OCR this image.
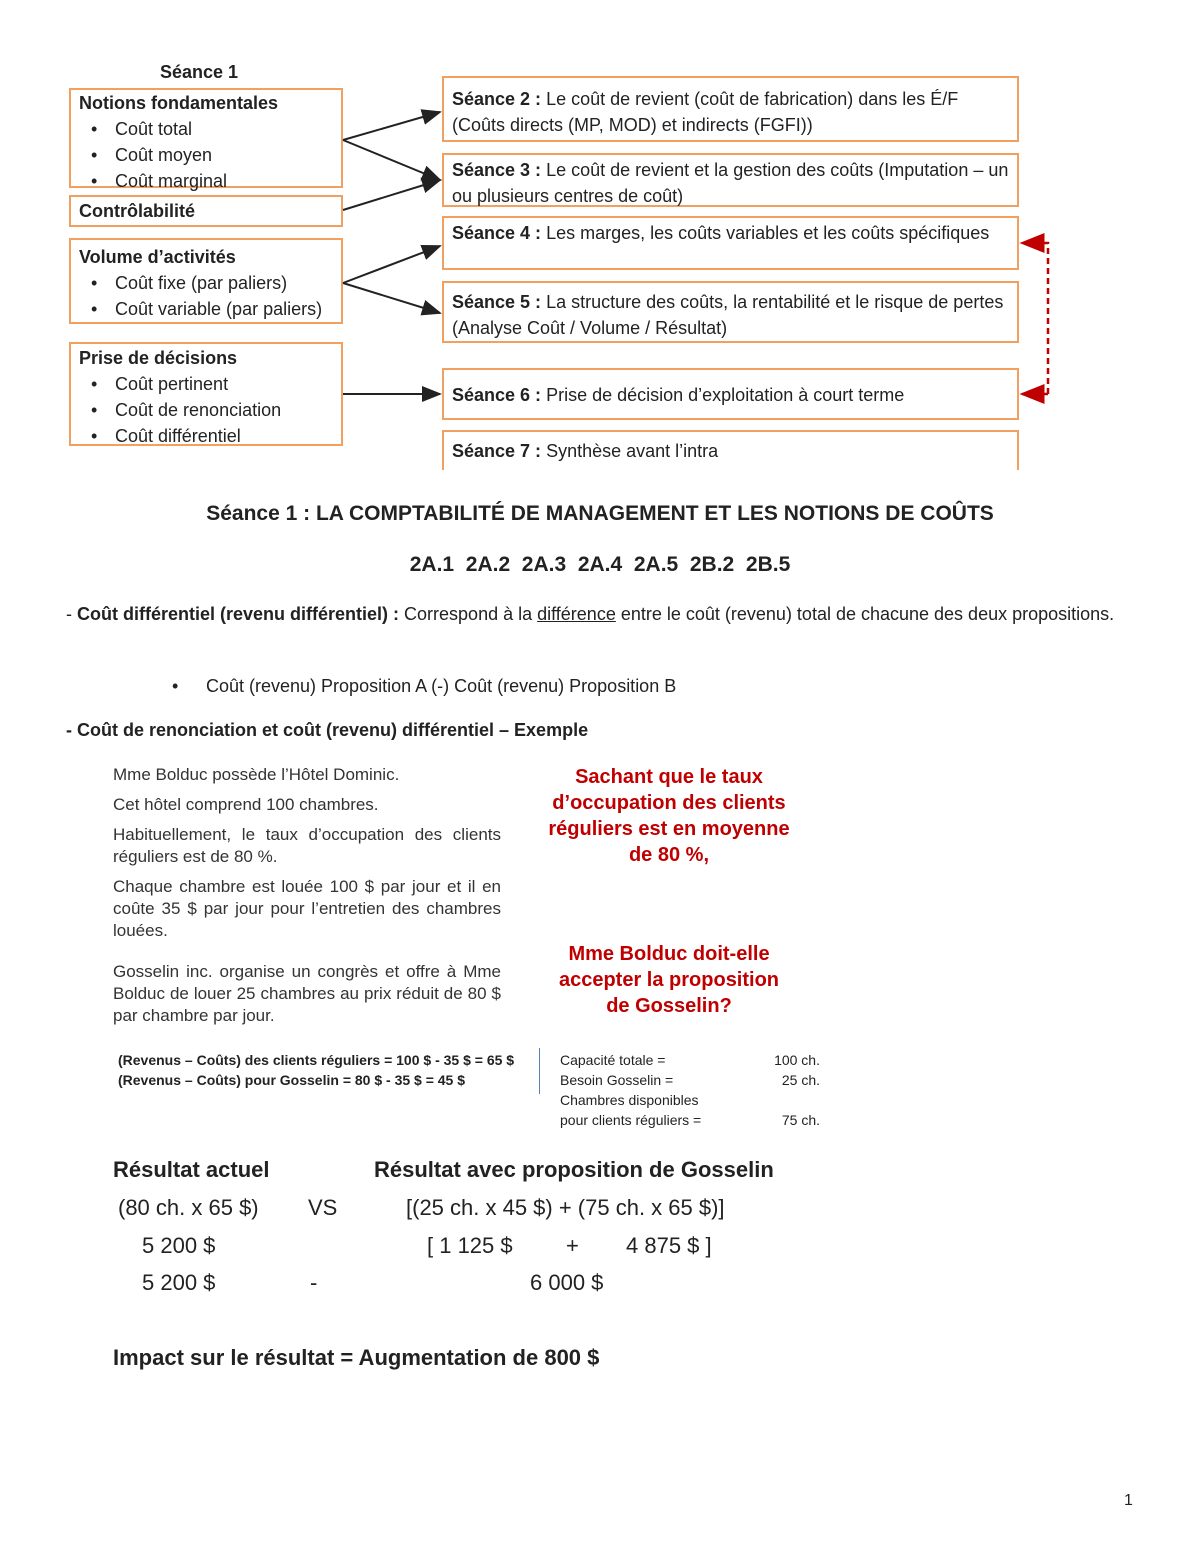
Séance 1
Notions fondamentales
• Coût total
• Coût moyen
• Coût marginal
Contrôlabilité
Volume d’activités
• Coût fixe (par paliers)
• Coût variable (par paliers)
Prise de décisions
• Coût pertinent
• Coût de renonciation
• Coût différentiel
Séance 2 : Le coût de revient (coût de fabrication) dans les É/F (Coûts directs (MP, MOD) et indirects (FGFI))
Séance 3 : Le coût de revient et la gestion des coûts (Imputation – un ou plusieurs centres de coût)
Séance 4 : Les marges, les coûts variables et les coûts spécifiques
Séance 5 : La structure des coûts, la rentabilité et le risque de pertes (Analyse Coût / Volume / Résultat)
Séance 6 : Prise de décision d’exploitation à court terme
Séance 7 : Synthèse avant l’intra
Séance 1 : LA COMPTABILITÉ DE MANAGEMENT ET LES NOTIONS DE COÛTS
2A.1  2A.2  2A.3  2A.4  2A.5  2B.2  2B.5
- Coût différentiel (revenu différentiel) : Correspond à la différence entre le coût (revenu) total de chacune des deux propositions.
• Coût (revenu) Proposition A (-) Coût (revenu) Proposition B
- Coût de renonciation et coût (revenu) différentiel – Exemple
Mme Bolduc possède l’Hôtel Dominic.
Cet hôtel comprend 100 chambres.
Habituellement, le taux d’occupation des clients réguliers est de 80 %.
Chaque chambre est louée 100 $ par jour et il en coûte 35 $ par jour pour l’entretien des chambres louées.
Gosselin inc. organise un congrès et offre à Mme Bolduc de louer 25 chambres au prix réduit de 80 $ par chambre par jour.
Sachant que le taux d’occupation des clients réguliers est en moyenne de 80 %,
Mme Bolduc doit-elle accepter la proposition de Gosselin?
(Revenus – Coûts) des clients réguliers = 100 $ - 35 $ = 65 $
(Revenus – Coûts) pour Gosselin = 80 $ - 35 $ = 45 $
Capacité totale =	100 ch.
Besoin Gosselin =	25 ch.
Chambres disponibles
pour clients réguliers =	75 ch.
Résultat actuel	Résultat avec proposition de Gosselin
(80 ch. x 65 $) VS	[(25 ch. x 45 $) + (75 ch. x 65 $)]
5 200 $	[ 1 125 $ + 4 875 $ ]
5 200 $	-	6 000 $
Impact sur le résultat = Augmentation de 800 $
1
